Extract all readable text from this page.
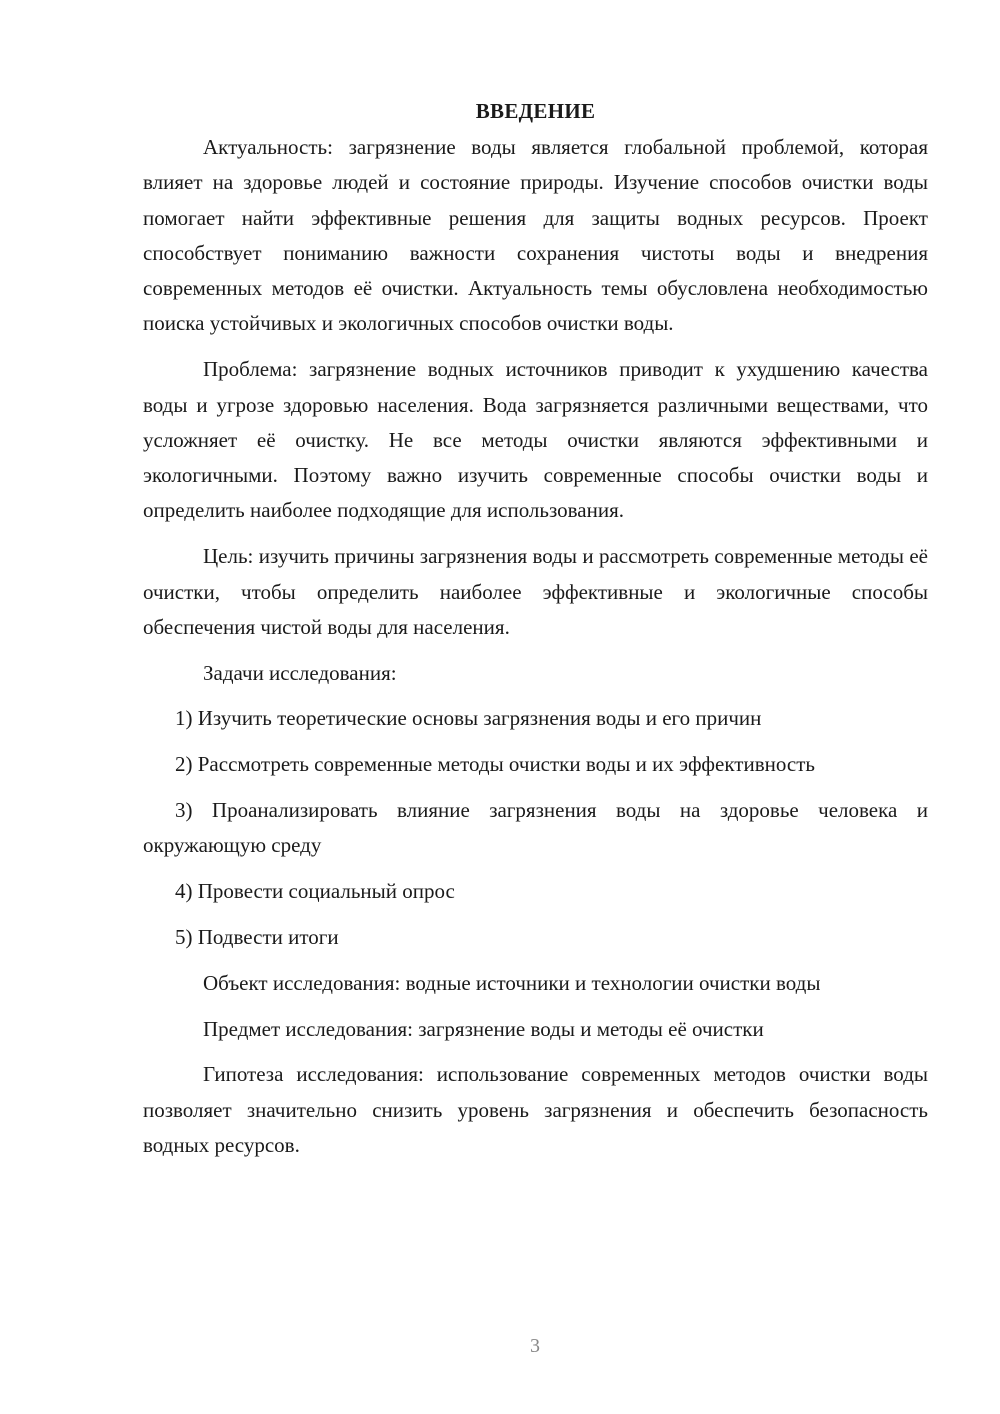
ВВЕДЕНИЕ

Актуальность: загрязнение воды является глобальной проблемой, которая влияет на здоровье людей и состояние природы. Изучение способов очистки воды помогает найти эффективные решения для защиты водных ресурсов. Проект способствует пониманию важности сохранения чистоты воды и внедрения современных методов её очистки. Актуальность темы обусловлена необходимостью поиска устойчивых и экологичных способов очистки воды.

Проблема: загрязнение водных источников приводит к ухудшению качества воды и угрозе здоровью населения. Вода загрязняется различными веществами, что усложняет её очистку. Не все методы очистки являются эффективными и экологичными. Поэтому важно изучить современные способы очистки воды и определить наиболее подходящие для использования.

Цель: изучить причины загрязнения воды и рассмотреть современные методы её очистки, чтобы определить наиболее эффективные и экологичные способы обеспечения чистой воды для населения.

Задачи исследования:

1) Изучить теоретические основы загрязнения воды и его причин

2) Рассмотреть современные методы очистки воды и их эффективность

3) Проанализировать влияние загрязнения воды на здоровье человека и окружающую среду

4) Провести социальный опрос

5) Подвести итоги

Объект исследования: водные источники и технологии очистки воды

Предмет исследования: загрязнение воды и методы её очистки

Гипотеза исследования: использование современных методов очистки воды позволяет значительно снизить уровень загрязнения и обеспечить безопасность водных ресурсов.

3
